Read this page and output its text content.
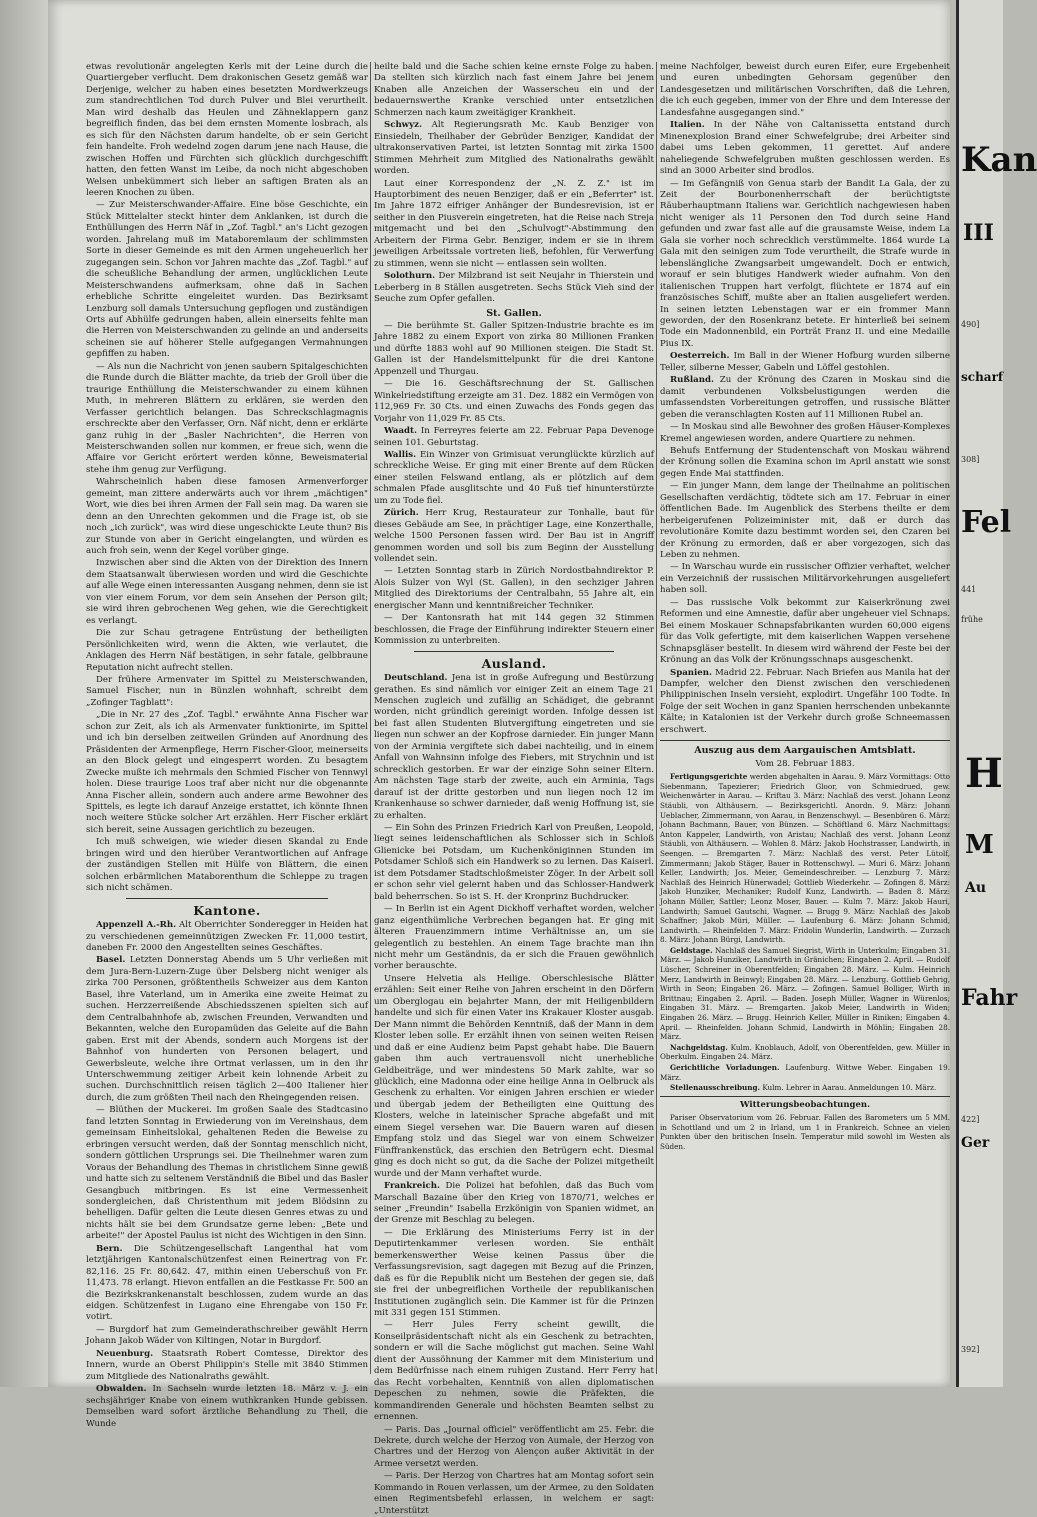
etwas revolutionär angelegten Kerls mit der Leine durch die Quartiergeber verflucht. Dem drakonischen Gesetz gemäß war Derjenige, welcher zu haben eines besetzten Mordwerkzeugs zum standrechtlichen Tod durch Pulver und Blei verurtheilt. Man wird deshalb das Heulen und Zähneklappern ganz begreiflich finden, das bei dem ernsten Momente losbrach, als es sich für den Nächsten darum handelte, ob er sein Gericht fein handelte. Froh wedelnd zogen darum jene nach Hause, die zwischen Hoffen und Fürchten sich glücklich durchgeschifft hatten, den fetten Wanst im Leibe, da noch nicht abgeschoben Welsen unbekümmert sich lieber an saftigen Braten als an leeren Knochen zu üben.

— Zur Meisterschwander-Affaire. Eine böse Geschichte, ein Stück Mittelalter steckt hinter dem Anklanken, ist durch die Enthüllungen des Herrn Näf in „Zof. Tagbl." an's Licht gezogen worden. Jahrelang muß im Mataboremlaum der schlimmsten Sorte in dieser Gemeinde es mit den Armen ungeheuerlich her zugegangen sein. Schon vor Jahren machte das „Zof. Tagbl." auf die scheußliche Behandlung der armen, unglücklichen Leute Meisterschwandens aufmerksam, ohne daß in Sachen erhebliche Schritte eingeleitet wurden. Das Bezirksamt Lenzburg soll damals Untersuchung gepflogen und zuständigen Orts auf Abhülfe gedrungen haben, allein einerseits fehlte man die Herren von Meisterschwanden zu gelinde an und anderseits scheinen sie auf höherer Stelle aufgegangen Vermahnungen gepfiffen zu haben.

— Als nun die Nachricht von jenen saubern Spitalgeschichten die Runde durch die Blätter machte, da trieb der Groll über die traurige Enthüllung die Meisterschwander zu einem kühnen Muth, in mehreren Blättern zu erklären, sie werden den Verfasser gerichtlich belangen. Das Schreckschlagmagnis erschreckte aber den Verfasser, Orn. Näf nicht, denn er erklärte ganz ruhig in der „Basler Nachrichten", die Herren von Meisterschwanden sollen nur kommen, er freue sich, wenn die Affaire vor Gericht erörtert werden könne, Beweismaterial stehe ihm genug zur Verfügung.

Wahrscheinlich haben diese famosen Armenverforger gemeint, man zittere anderwärts auch vor ihrem „mächtigen" Wort, wie dies bei ihren Armen der Fall sein mag. Da waren sie denn an den Unrechten gekommen und die Frage ist, ob sie noch „ich zurück", was wird diese ungeschickte Leute thun? Bis zur Stunde von aber in Gericht eingelangten, und würden es auch froh sein, wenn der Kegel vorüber ginge.

Inzwischen aber sind die Akten von der Direktion des Innern dem Staatsanwalt überwiesen worden und wird die Geschichte auf alle Wege einen interessanten Ausgang nehmen, denn sie ist von vier einem Forum, vor dem sein Ansehen der Person gilt; sie wird ihren gebrochenen Weg gehen, wie die Gerechtigkeit es verlangt.

Die zur Schau getragene Entrüstung der betheiligten Persönlichkeiten wird, wenn die Akten, wie verlautet, die Anklagen des Herrn Näf bestätigen, in sehr fatale, gelbbraune Reputation nicht aufrecht stellen.

Der frühere Armenvater im Spittel zu Meisterschwanden, Samuel Fischer, nun in Bünzlen wohnhaft, schreibt dem „Zofinger Tagblatt":

„Die in Nr. 27 des „Zof. Tagbl." erwähnte Anna Fischer war schon zur Zeit, als ich als Armenvater funktionirte, im Spittel und ich bin derselben zeitweilen Gründen auf Anordnung des Präsidenten der Armenpflege, Herrn Fischer-Gloor, meinerseits an den Block gelegt und eingesperrt worden. Zu besagtem Zwecke mußte ich mehrmals den Schmied Fischer von Tennwyl holen. Diese traurige Loos traf aber nicht nur die obgenannte Anna Fischer allein, sondern auch andere arme Bewohner des Spittels, es legte ich darauf Anzeige erstattet, ich könnte Ihnen noch weitere Stücke solcher Art erzählen. Herr Fischer erklärt sich bereit, seine Aussagen gerichtlich zu bezeugen.

Ich muß schweigen, wie wieder diesen Skandal zu Ende bringen wird und den hierüber Verantwortlichen auf Anfrage der zuständigen Stellen mit Hülfe von Blättern, die einen solchen erbärmlichen Mataborenthum die Schleppe zu tragen sich nicht schämen.

Kantone.

Appenzell A.-Rh. Alt Oberrichter Sonderegger in Heiden hat zu verschiedenen gemeinnützigen Zwecken Fr. 11,000 testirt, daneben Fr. 2000 den Angestellten seines Geschäftes.

Basel. Letzten Donnerstag Abends um 5 Uhr verließen mit dem Jura-Bern-Luzern-Zuge über Delsberg nicht weniger als zirka 700 Personen, größtentheils Schweizer aus dem Kanton Basel, ihre Vaterland, um in Amerika eine zweite Heimat zu suchen. Herzzerreißende Abschiedsszenen spielten sich auf dem Centralbahnhofe ab, zwischen Freunden, Verwandten und Bekannten, welche den Europamüden das Geleite auf die Bahn gaben. Erst mit der Abends, sondern auch Morgens ist der Bahnhof von hunderten von Personen belagert, und Gewerbsleute, welche ihre Ortmat verlassen, um in den ihr Unterschwemmung zeitiger Arbeit kein lohnende Arbeit zu suchen. Durchschnittlich reisen täglich 2—400 Italiener hier durch, die zum größten Theil nach den Rheingegenden reisen.

— Blüthen der Muckerei. Im großen Saale des Stadtcasino fand letzten Sonntag in Erwiederung von im Vereinshaus, dem gemeinsam Einheitslokal, gehaltenen Reden die Beweise zu erbringen versucht werden, daß der Sonntag menschlich nicht, sondern göttlichen Ursprungs sei. Die Theilnehmer waren zum Voraus der Behandlung des Themas in christlichem Sinne gewiß und hatte sich zu seltenem Verständniß die Bibel und das Basler Gesangbuch mitbringen. Es ist eine Vermessenheit sondergleichen, daß Christenthum mit jedem Blödsinn zu behelligen. Dafür gelten die Leute diesen Genres etwas zu und nichts hält sie bei dem Grundsatze gerne leben: „Bete und arbeite!" der Apostel Paulus ist nicht des Wichtigen in den Sinn.

Bern. Die Schützengesellschaft Langenthal hat vom letztjährigen Kantonalschützenfest einen Reinertrag von Fr. 82,116. 25 Fr. 80,642. 47, mithin einen Ueberschuß von Fr. 11,473. 78 erlangt. Hievon entfallen an die Festkasse Fr. 500 an die Bezirkskrankenanstalt beschlossen, zudem wurde an das eidgen. Schützenfest in Lugano eine Ehrengabe von 150 Fr. votirt.

— Burgdorf hat zum Gemeinderathschreiber gewählt Herrn Johann Jakob Wäder von Kiltingen, Notar in Burgdorf.

Neuenburg. Staatsrath Robert Comtesse, Direktor des Innern, wurde an Oberst Philippin's Stelle mit 3840 Stimmen zum Mitgliede des Nationalraths gewählt.

Obwalden. In Sachseln wurde letzten 18. März v. J. ein sechsjähriger Knabe von einem wuthkranken Hunde gebissen. Demselben ward sofort ärztliche Behandlung zu Theil, die Wunde

heilte bald und die Sache schien keine ernste Folge zu haben. Da stellten sich kürzlich nach fast einem Jahre bei jenem Knaben alle Anzeichen der Wasserscheu ein und der bedauernswerthe Kranke verschied unter entsetzlichen Schmerzen nach kaum zweitägiger Krankheit.

Schwyz. Alt Regierungsrath Mc. Kaub Benziger von Einsiedeln, Theilhaber der Gebrüder Benziger, Kandidat der ultrakonservativen Partei, ist letzten Sonntag mit zirka 1500 Stimmen Mehrheit zum Mitglied des Nationalraths gewählt worden.

Laut einer Korrespondenz der „N. Z. Z." ist im Hauptorbiment des neuen Benziger, daß er ein „Beferrter" ist. Im Jahre 1872 eifriger Anhänger der Bundesrevision, ist er seither in den Piusverein eingetreten, hat die Reise nach Streja mitgemacht und bei den „Schulvogt"-Abstimmung den Arbeitern der Firma Gebr. Benziger, indem er sie in ihrem jeweiligen Arbeitssale vortreten ließ, befohlen, für Verwerfung zu stimmen, wenn sie nicht — entlassen sein wollten.

Solothurn. Der Milzbrand ist seit Neujahr in Thierstein und Leberberg in 8 Ställen ausgetreten. Sechs Stück Vieh sind der Seuche zum Opfer gefallen.

St. Gallen.

— Die berühmte St. Galler Spitzen-Industrie brachte es im Jahre 1882 zu einem Export von zirka 80 Millionen Franken und dürfte 1883 wohl auf 90 Millionen steigen. Die Stadt St. Gallen ist der Handelsmittelpunkt für die drei Kantone Appenzell und Thurgau.

— Die 16. Geschäftsrechnung der St. Gallischen Winkelriedstiftung erzeigte am 31. Dez. 1882 ein Vermögen von 112,969 Fr. 30 Cts. und einen Zuwachs des Fonds gegen das Vorjahr von 11,029 Fr. 85 Cts.

Waadt. In Ferreyres feierte am 22. Februar Papa Devenoge seinen 101. Geburtstag.

Wallis. Ein Winzer von Grimisuat verunglückte kürzlich auf schreckliche Weise. Er ging mit einer Brente auf dem Rücken einer steilen Felswand entlang, als er plötzlich auf dem schmalen Pfade ausglitschte und 40 Fuß tief hinunterstürzte um zu Tode fiel.

Zürich. Herr Krug, Restaurateur zur Tonhalle, baut für dieses Gebäude am See, in prächtiger Lage, eine Konzerthalle, welche 1500 Personen fassen wird. Der Bau ist in Angriff genommen worden und soll bis zum Beginn der Ausstellung vollendet sein.

— Letzten Sonntag starb in Zürich Nordostbahndirektor P. Alois Sulzer von Wyl (St. Gallen), in den sechziger Jahren Mitglied des Direktoriums der Centralbahn, 55 Jahre alt, ein energischer Mann und kenntnißreicher Techniker.

— Der Kantonsrath hat mit 144 gegen 32 Stimmen beschlossen, die Frage der Einführung indirekter Steuern einer Kommission zu unterbreiten.

Ausland.

Deutschland. Jena ist in große Aufregung und Bestürzung gerathen. Es sind nämlich vor einiger Zeit an einem Tage 21 Menschen zugleich und zufällig an Schädiget, die gebrannt worden, nicht gründlich gereinigt worden. Infolge dessen ist bei fast allen Studenten Blutvergiftung eingetreten und sie liegen nun schwer an der Kopfrose darnieder. Ein junger Mann von der Arminia vergiftete sich dabei nachteilig, und in einem Anfall von Wahnsinn infolge des Fiebers, mit Strychnin und ist schrecklich gestorben. Er war der einzige Sohn seiner Eltern. Am nächsten Tage starb der zweite, auch ein Arminia, Tags darauf ist der dritte gestorben und nun liegen noch 12 im Krankenhause so schwer darnieder, daß wenig Hoffnung ist, sie zu erhalten.

— Ein Sohn des Prinzen Friedrich Karl von Preußen, Leopold, liegt seines leidenschaftlichen als Schlosser sich in Schloß Glienicke bei Potsdam, um Kuchenköniginnen Stunden im Potsdamer Schloß sich ein Handwerk so zu lernen. Das Kaiserl. ist dem Potsdamer Stadtschloßmeister Zöger. In der Arbeit soll er schon sehr viel gelernt haben und das Schlosser-Handwerk bald beherrschen. So ist S. H. der Kronprinz Buchdrucker.

— In Berlin ist ein Agent Dickhoff verhaftet worden, welcher ganz eigenthümliche Verbrechen begangen hat. Er ging mit älteren Frauenzimmern intime Verhältnisse an, um sie gelegentlich zu bestehlen. An einem Tage brachte man ihn nicht mehr um Geständnis, da er sich die Frauen gewöhnlich vorher berauschte.

Unsere Helvetia als Heilige. Oberschlesische Blätter erzählen: Seit einer Reihe von Jahren erscheint in den Dörfern um Oberglogau ein bejahrter Mann, der mit Heiligenbildern handelte und sich für einen Vater ins Krakauer Kloster ausgab. Der Mann nimmt die Behörden Kenntniß, daß der Mann in dem Kloster leben solle. Er erzählt ihnen von seinen weiten Reisen und daß er eine Audienz beim Papst gehabt habe. Die Bauern gaben ihm auch vertrauensvoll nicht unerhebliche Geldbeiträge, und wer mindestens 50 Mark zahlte, war so glücklich, eine Madonna oder eine heilige Anna in Oelbruck als Geschenk zu erhalten. Vor einigen Jahren erschien er wieder und übergab jedem der Betheiligten eine Quittung des Klosters, welche in lateinischer Sprache abgefaßt und mit einem Siegel versehen war. Die Bauern waren auf diesen Empfang stolz und das Siegel war von einem Schweizer Fünffrankenstück, das erschien den Betrügern echt. Diesmal ging es doch nicht so gut, da die Sache der Polizei mitgetheilt wurde und der Mann verhaftet wurde.

Frankreich. Die Polizei hat befohlen, daß das Buch vom Marschall Bazaine über den Krieg von 1870/71, welches er seiner „Freundin" Isabella Erzkönigin von Spanien widmet, an der Grenze mit Beschlag zu belegen.

— Die Erklärung des Ministeriums Ferry ist in der Deputirtenkammer verlesen worden. Sie enthält bemerkenswerther Weise keinen Passus über die Verfassungsrevision, sagt dagegen mit Bezug auf die Prinzen, daß es für die Republik nicht um Bestehen der gegen sie, daß sie frei der unbegreiflichen Vortheile der republikanischen Institutionen zugänglich sein. Die Kammer ist für die Prinzen mit 331 gegen 151 Stimmen.

— Herr Jules Ferry scheint gewillt, die Konseilpräsidentschaft nicht als ein Geschenk zu betrachten, sondern er will die Sache möglichst gut machen. Seine Wahl dient der Aussöhnung der Kammer mit dem Ministerium und dem Bedürfnisse nach einem ruhigen Zustand. Herr Ferry hat das Recht vorbehalten, Kenntniß von allen diplomatischen Depeschen zu nehmen, sowie die Präfekten, die kommandirenden Generale und höchsten Beamten selbst zu ernennen.

— Paris. Das „Journal officiel" veröffentlicht am 25. Febr. die Dekrete, durch welche der Herzog von Aumale, der Herzog von Chartres und der Herzog von Alençon außer Aktivität in der Armee versetzt werden.

— Paris. Der Herzog von Chartres hat am Montag sofort sein Kommando in Rouen verlassen, um der Armee, zu den Soldaten einen Regimentsbefehl erlassen, in welchem er sagt: „Unterstützt

meine Nachfolger, beweist durch euren Eifer, eure Ergebenheit und euren unbedingten Gehorsam gegenüber den Landesgesetzen und militärischen Vorschriften, daß die Lehren, die ich euch gegeben, immer von der Ehre und dem Interesse der Landesfahne ausgegangen sind."

Italien. In der Nähe von Caltanissetta entstand durch Minenexplosion Brand einer Schwefelgrube; drei Arbeiter sind dabei ums Leben gekommen, 11 gerettet. Auf andere naheliegende Schwefelgruben mußten geschlossen werden. Es sind an 3000 Arbeiter sind brodlos.

— Im Gefängniß von Genua starb der Bandit La Gala, der zu Zeit der Bourbonenherrschaft der berüchtigtste Räuberhauptmann Italiens war. Gerichtlich nachgewiesen haben nicht weniger als 11 Personen den Tod durch seine Hand gefunden und zwar fast alle auf die grausamste Weise, indem La Gala sie vorher noch schrecklich verstümmelte. 1864 wurde La Gala mit den seinigen zum Tode verurtheilt, die Strafe wurde in lebenslängliche Zwangsarbeit umgewandelt. Doch er entwich, worauf er sein blutiges Handwerk wieder aufnahm. Von den italienischen Truppen hart verfolgt, flüchtete er 1874 auf ein französisches Schiff, mußte aber an Italien ausgeliefert werden. In seinen letzten Lebenstagen war er ein frommer Mann geworden, der den Rosenkranz betete. Er hinterließ bei seinem Tode ein Madonnenbild, ein Porträt Franz II. und eine Medaille Pius IX.

Oesterreich. Im Ball in der Wiener Hofburg wurden silberne Teller, silberne Messer, Gabeln und Löffel gestohlen.

Rußland. Zu der Krönung des Czaren in Moskau sind die damit verbundenen Volksbelustigungen werden die umfassendsten Vorbereitungen getroffen, und russische Blätter geben die veranschlagten Kosten auf 11 Millionen Rubel an.

— In Moskau sind alle Bewohner des großen Häuser-Komplexes Kremel angewiesen worden, andere Quartiere zu nehmen.

Behufs Entfernung der Studentenschaft von Moskau während der Krönung sollen die Examina schon im April anstatt wie sonst gegen Ende Mai stattfinden.

— Ein junger Mann, dem lange der Theilnahme an politischen Gesellschaften verdächtig, tödtete sich am 17. Februar in einer öffentlichen Bade. Im Augenblick des Sterbens theilte er dem herbeigerufenen Polizeiminister mit, daß er durch das revolutionäre Komite dazu bestimmt worden sei, den Czaren bei der Krönung zu ermorden, daß er aber vorgezogen, sich das Leben zu nehmen.

— In Warschau wurde ein russischer Offizier verhaftet, welcher ein Verzeichniß der russischen Militärvorkehrungen ausgeliefert haben soll.

— Das russische Volk bekommt zur Kaiserkrönung zwei Reformen und eine Amnestie, dafür aber ungeheuer viel Schnaps. Bei einem Moskauer Schnapsfabrikanten wurden 60,000 eigens für das Volk gefertigte, mit dem kaiserlichen Wappen versehene Schnapsgläser bestellt. In diesem wird während der Feste bei der Krönung an das Volk der Krönungsschnaps ausgeschenkt.

Spanien. Madrid 22. Februar. Nach Briefen aus Manila hat der Dampfer, welcher den Dienst zwischen den verschiedenen Philippinischen Inseln versieht, explodirt. Ungefähr 100 Todte. In Folge der seit Wochen in ganz Spanien herrschenden unbekannte Kälte; in Katalonien ist der Verkehr durch große Schneemassen erschwert.

Auszug aus dem Aargauischen Amtsblatt.
Vom 28. Februar 1883.

Fertigungsgerichte werden abgehalten in Aarau. 9. März Vormittags: Otto Siebenmann, Tapezierer; Friedrich Gloor, von Schmiedrued, gew. Weichenwärter in Aarau. — Kriftau 3. März: Nachlaß des verst. Johann Leonz Stäubli, von Althäusern. — Bezirksgerichtl. Anordn. 9. März: Johann Ueblacher, Zimmermann, von Aarau, in Benzenschwyl. — Besenbüren 6. März: Johann Bachmann, Bauer, von Bünzen. — Schöftland 6. März Nachmittags: Anton Kappeler, Landwirth, von Aristau; Nachlaß des verst. Johann Leonz Stäubli, von Althäusern. — Wohlen 8. März: Jakob Hochstrasser, Landwirth, in Seengen. — Bremgarten 7. März: Nachlaß des verst. Peter Lütolf, Zimmermann; Jakob Stäger, Bauer in Rottenschwyl. — Muri 6. März: Johann Keller, Landwirth; Jos. Meier, Gemeindeschreiber. — Lenzburg 7. März: Nachlaß des Heinrich Hünerwadel; Gottlieb Wiederkehr. — Zofingen 8. März: Jakob Hunziker, Mechaniker; Rudolf Kunz, Landwirth. — Baden 8. März: Johann Müller, Sattler; Leonz Moser, Bauer. — Kulm 7. März: Jakob Hauri, Landwirth; Samuel Gautschi, Wagner. — Brugg 9. März: Nachlaß des Jakob Schaffner; Jakob Müri, Müller. — Laufenburg 6. März: Johann Schmid, Landwirth. — Rheinfelden 7. März: Fridolin Wunderlin, Landwirth. — Zurzach 8. März: Johann Bürgi, Landwirth.

Geldstage. Nachlaß des Samuel Siegrist, Wirth in Unterkulm; Eingaben 31. März. — Jakob Hunziker, Landwirth in Gränichen; Eingaben 2. April. — Rudolf Lüscher, Schreiner in Oberentfelden; Eingaben 28. März. — Kulm. Heinrich Merz, Landwirth in Beinwyl; Eingaben 28. März. — Lenzburg. Gottlieb Gehrig, Wirth in Seon; Eingaben 26. März. — Zofingen. Samuel Bolliger, Wirth in Brittnau; Eingaben 2. April. — Baden. Joseph Müller, Wagner in Würenlos; Eingaben 31. März. — Bremgarten. Jakob Meier, Landwirth in Widen; Eingaben 26. März. — Brugg. Heinrich Keller, Müller in Riniken; Eingaben 4. April. — Rheinfelden. Johann Schmid, Landwirth in Möhlin; Eingaben 28. März.

Nachgeldstag. Kulm. Knoblauch, Adolf, von Oberentfelden, gew. Müller in Oberkulm. Eingaben 24. März.

Gerichtliche Vorladungen. Laufenburg. Wittwe Weber. Eingaben 19. März.

Stellenausschreibung. Kulm. Lehrer in Aarau. Anmeldungen 10. März.

Witterungsbeobachtungen.

Pariser Observatorium vom 26. Februar. Fallen des Barometers um 5 MM. in Schottland und um 2 in Irland, um 1 in Frankreich. Schnee an vielen Punkten über den britischen Inseln. Temperatur mild sowohl im Westen als Süden.

Kan
III
490]
scharf
308]
Fel
441
frühe
H
M
Au
Fahr
422]
Ger
392]
